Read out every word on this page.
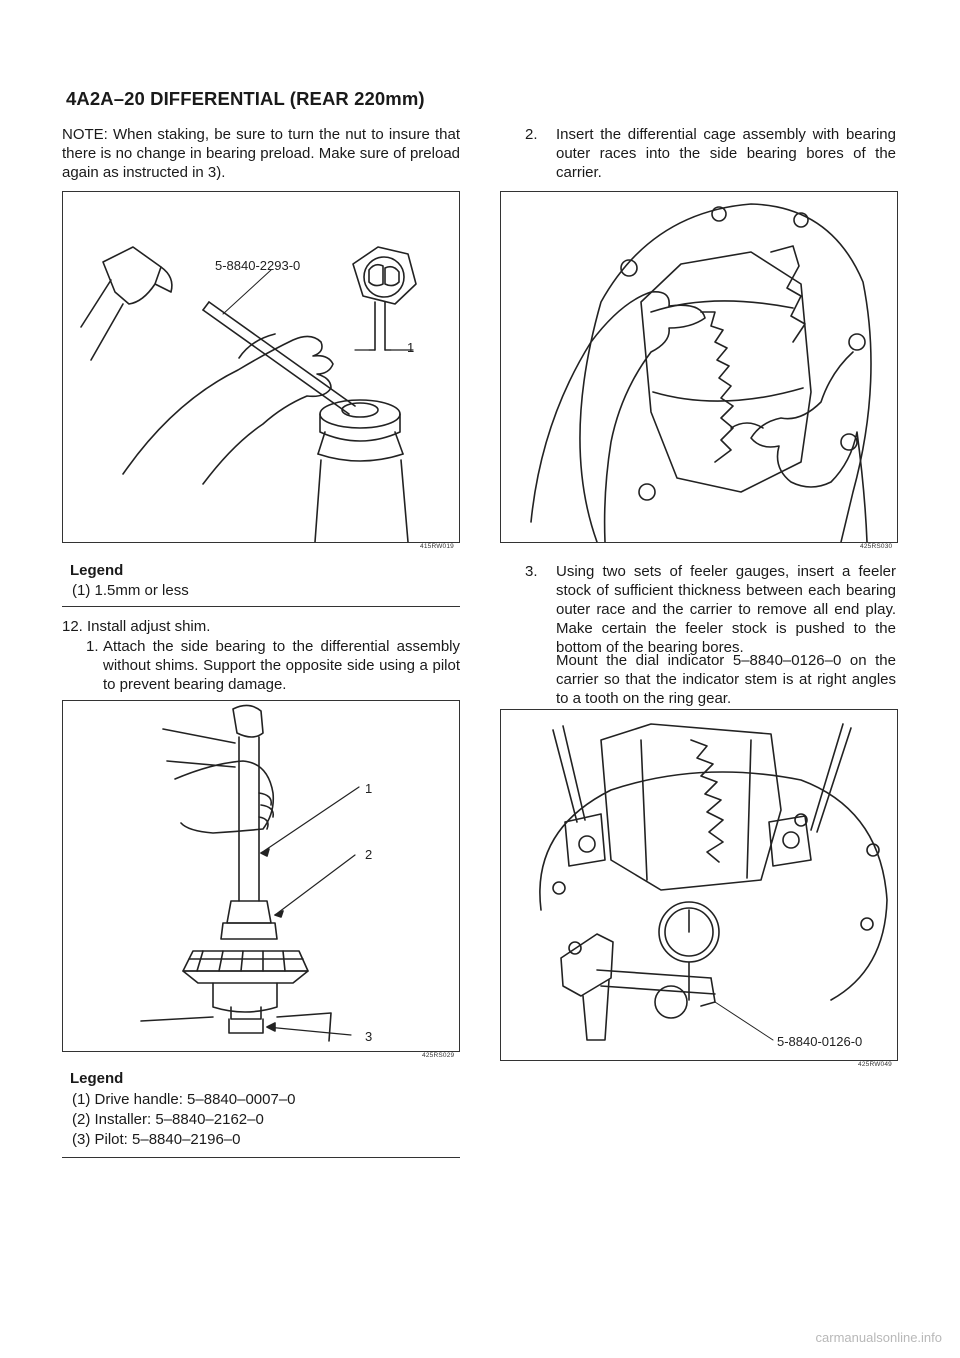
4A2A–20 DIFFERENTIAL (REAR 220mm)
NOTE: When staking, be sure to turn the nut to insure that there is no change in bearing preload. Make sure of preload again as instructed in 3).
5-8840-2293-0
1
415RW019
Legend
(1) 1.5mm or less
12. Install adjust shim.
1. Attach the side bearing to the differential assembly without shims. Support the opposite side using a pilot to prevent bearing damage.
1
2
3
425RS029
Legend
(1) Drive handle: 5–8840–0007–0
(2) Installer: 5–8840–2162–0
(3) Pilot: 5–8840–2196–0
2. Insert the differential cage assembly with bearing outer races into the side bearing bores of the carrier.
425RS030
3. Using two sets of feeler gauges, insert a feeler stock of sufficient thickness between each bearing outer race and the carrier to remove all end play. Make certain the feeler stock is pushed to the bottom of the bearing bores.
Mount the dial indicator 5–8840–0126–0 on the carrier so that the indicator stem is at right angles to a tooth on the ring gear.
5-8840-0126-0
425RW049
carmanualsonline.info
